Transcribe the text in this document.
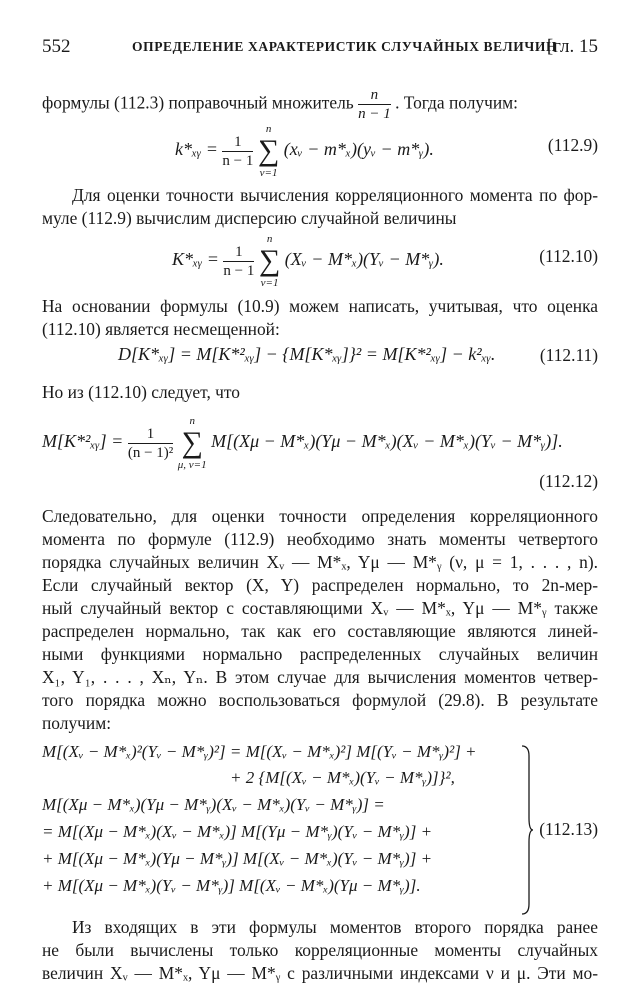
552	ОПРЕДЕЛЕНИЕ ХАРАКТЕРИСТИК СЛУЧАЙНЫХ ВЕЛИЧИН
[гл. 15
формулы (112.3) поправочный множитель $\frac{n}{n - 1}$ . Тогда получим:
k*ₓᵧ = $\frac{1}{n - 1}$

n
∑
ν=1
(xᵥ − m*ₓ)(yᵥ − m*ᵧ).	(112.9)
Для оценки точности вычисления корреляционного момента по фор-
муле (112.9) вычислим дисперсию случайной величины
K*ₓᵧ = $\frac{1}{n - 1}$

n
∑
ν=1
(Xᵥ − M*ₓ)(Yᵥ − M*ᵧ).	(112.10)
На основании формулы (10.9) можем написать, учитывая, что оценка
(112.10) является несмещенной:
D[K*ₓᵧ] = M[K*²ₓᵧ] − {M[K*ₓᵧ]}² = M[K*²ₓᵧ] − k²ₓᵧ.	(112.11)
Но из (112.10) следует, что
M[K*²ₓᵧ] = $\frac{1}{\text{(n − 1)²}}$

n
∑
μ, ν=1
M[(Xμ − M*ₓ)(Yμ − M*ₓ)(Xᵥ − M*ₓ)(Yᵥ − M*ᵧ)].
(112.12)
Следовательно, для оценки точности определения корреляционного
момента по формуле (112.9) необходимо знать моменты четвертого
порядка случайных величин Xᵥ — M*ₓ, Yμ — M*ᵧ (ν, μ = 1, . . . , n).
Если случайный вектор (X, Y) распределен нормально, то 2n-мер-
ный случайный вектор с составляющими Xᵥ — M*ₓ, Yμ — M*ᵧ также
распределен нормально, так как его составляющие являются линей-
ными функциями нормально распределенных случайных величин
X₁, Y₁, . . . , Xₙ, Yₙ. В этом случае для вычисления моментов четвер-
того порядка можно воспользоваться формулой (29.8). В результате
получим:
M[(Xᵥ − M*ₓ)²(Yᵥ − M*ᵧ)²] = M[(Xᵥ − M*ₓ)²] M[(Yᵥ − M*ᵧ)²] +
+ 2 {M[(Xᵥ − M*ₓ)(Yᵥ − M*ᵧ)]}²,
M[(Xμ − M*ₓ)(Yμ − M*ᵧ)(Xᵥ − M*ₓ)(Yᵥ − M*ᵧ)] =
= M[(Xμ − M*ₓ)(Xᵥ − M*ₓ)] M[(Yμ − M*ᵧ)(Yᵥ − M*ᵧ)] +
+ M[(Xμ − M*ₓ)(Yμ − M*ᵧ)] M[(Xᵥ − M*ₓ)(Yᵥ − M*ᵧ)] +
+ M[(Xμ − M*ₓ)(Yᵥ − M*ᵧ)] M[(Xᵥ − M*ₓ)(Yμ − M*ᵧ)].
(112.13)
Из входящих в эти формулы моментов второго порядка ранее
не были вычислены только корреляционные моменты случайных
величин Xᵥ — M*ₓ, Yμ — M*ᵧ с различными индексами ν и μ. Эти мо-
